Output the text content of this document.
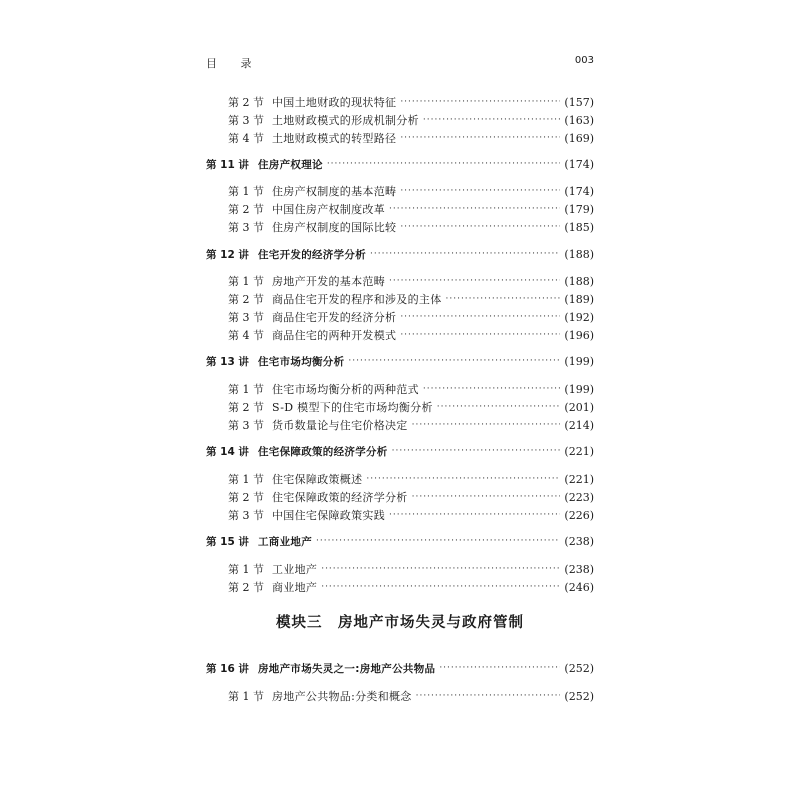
目 录	003
第 2 节 中国土地财政的现状特征 ·····	(157)
第 3 节 土地财政模式的形成机制分析 ·····	(163)
第 4 节 土地财政模式的转型路径 ·····	(169)
第 11 讲 住房产权理论 ·····	(174)
第 1 节 住房产权制度的基本范畴 ·····	(174)
第 2 节 中国住房产权制度改革 ·····	(179)
第 3 节 住房产权制度的国际比较 ·····	(185)
第 12 讲 住宅开发的经济学分析 ·····	(188)
第 1 节 房地产开发的基本范畴 ·····	(188)
第 2 节 商品住宅开发的程序和涉及的主体 ·····	(189)
第 3 节 商品住宅开发的经济分析 ·····	(192)
第 4 节 商品住宅的两种开发模式 ·····	(196)
第 13 讲 住宅市场均衡分析 ·····	(199)
第 1 节 住宅市场均衡分析的两种范式 ·····	(199)
第 2 节 S-D 模型下的住宅市场均衡分析 ·····	(201)
第 3 节 货币数量论与住宅价格决定 ·····	(214)
第 14 讲 住宅保障政策的经济学分析 ·····	(221)
第 1 节 住宅保障政策概述 ·····	(221)
第 2 节 住宅保障政策的经济学分析 ·····	(223)
第 3 节 中国住宅保障政策实践 ·····	(226)
第 15 讲 工商业地产 ·····	(238)
第 1 节 工业地产 ·····	(238)
第 2 节 商业地产 ·····	(246)
模块三　房地产市场失灵与政府管制
第 16 讲 房地产市场失灵之一:房地产公共物品 ·····	(252)
第 1 节 房地产公共物品:分类和概念 ·····	(252)
